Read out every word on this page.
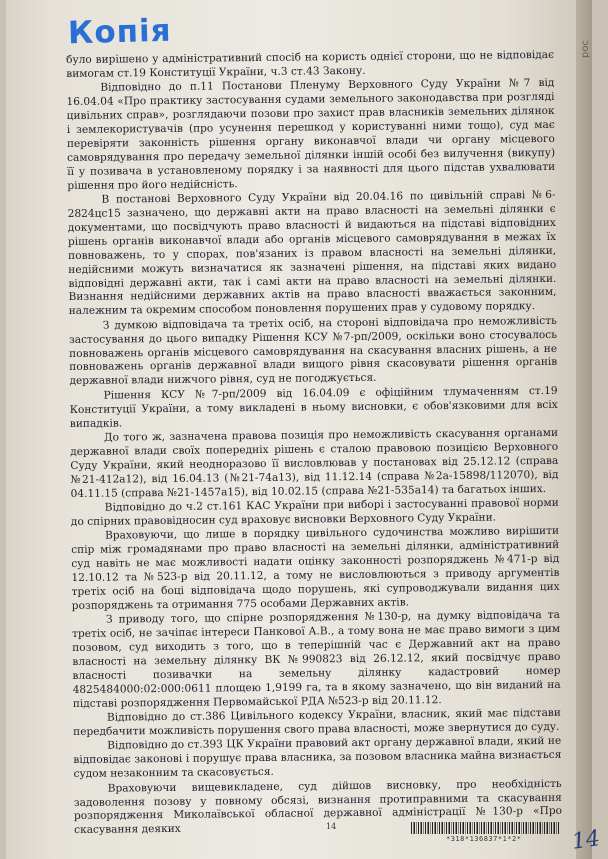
рос
Копія

було вирішено у адміністративний спосіб на користь однієї сторони, що не відповідає вимогам ст.19 Конституції України, ч.3 ст.43 Закону.

Відповідно до п.11 Постанови Пленуму Верховного Суду України №7 від 16.04.04 «Про практику застосування судами земельного законодавства при розгляді цивільних справ», розглядаючи позови про захист прав власників земельних ділянок і землекористувачів (про усунення перешкод у користуванні ними тощо), суд має перевіряти законність рішення органу виконавчої влади чи органу місцевого самоврядування про передачу земельної ділянки іншій особі без вилучення (викупу) її у позивача в установленому порядку і за наявності для цього підстав ухвалювати рішення про його недійсність.

В постанові Верховного Суду України від 20.04.16 по цивільній справі №6-2824цс15 зазначено, що державні акти на право власності на земельні ділянки є документами, що посвідчують право власності й видаються на підставі відповідних рішень органів виконавчої влади або органів місцевого самоврядування в межах їх повноважень, то у спорах, пов'язаних із правом власності на земельні ділянки, недійсними можуть визначатися як зазначені рішення, на підставі яких видано відповідні державні акти, так і самі акти на право власності на земельні ділянки. Визнання недійсними державних актів на право власності вважається законним, належним та окремим способом поновлення порушених прав у судовому порядку.

З думкою відповідача та третіх осіб, на стороні відповідача про неможливість застосування до цього випадку Рішення КСУ №7-рп/2009, оскільки воно стосувалось повноважень органів місцевого самоврядування на скасування власних рішень, а не повноважень органів державної влади вищого рівня скасовувати рішення органів державної влади нижчого рівня, суд не погоджується.

Рішення КСУ №7-рп/2009 від 16.04.09 є офіційним тлумаченням ст.19 Конституції України, а тому викладені в ньому висновки, є обов'язковими для всіх випадків.

До того ж, зазначена правова позиція про неможливість скасування органами державної влади своїх попередніх рішень є сталою правовою позицією Верховного Суду України, який неодноразово її висловлював у постановах від 25.12.12 (справа №21-412а12), від 16.04.13 (№21-74а13), від 11.12.14 (справа №2а-15898/112070), від 04.11.15 (справа №21-1457а15), від 10.02.15 (справа №21-535а14) та багатьох інших.

Відповідно до ч.2 ст.161 КАС України при виборі і застосуванні правової норми до спірних правовідносин суд враховує висновки Верховного Суду України.

Враховуючи, що лише в порядку цивільного судочинства можливо вирішити спір між громадянами про право власності на земельні ділянки, адміністративний суд навіть не має можливості надати оцінку законності розпоряджень №471-р від 12.10.12 та №523-р від 20.11.12, а тому не висловлюються з приводу аргументів третіх осіб на боці відповідача щодо порушень, які супроводжували видання цих розпоряджень та отримання 775 особами Державних актів.

З приводу того, що спірне розпорядження №130-р, на думку відповідача та третіх осіб, не зачіпає інтереси Панкової А.В., а тому вона не має право вимоги з цим позовом, суд виходить з того, що в теперішній час є Державний акт на право власності на земельну ділянку ВК №990823 від 26.12.12, який посвідчує право власності позивачки на земельну ділянку кадастровий номер 4825484000:02:000:0611 площею 1,9199 га, та в якому зазначено, що він виданий на підставі розпорядження Первомайської РДА №523-р від 20.11.12.

Відповідно до ст.386 Цивільного кодексу України, власник, який має підстави передбачити можливість порушення свого права власності, може звернутися до суду.

Відповідно до ст.393 ЦК України правовий акт органу державної влади, який не відповідає законові і порушує права власника, за позовом власника майна визнається судом незаконним та скасовується.

Враховуючи вищевикладене, суд дійшов висновку, про необхідність задоволення позову у повному обсязі, визнання протиправними та скасування розпорядження Миколаївської обласної державної адміністрації №130-р «Про скасування деяких	14
*318*136837*1*2* 14
